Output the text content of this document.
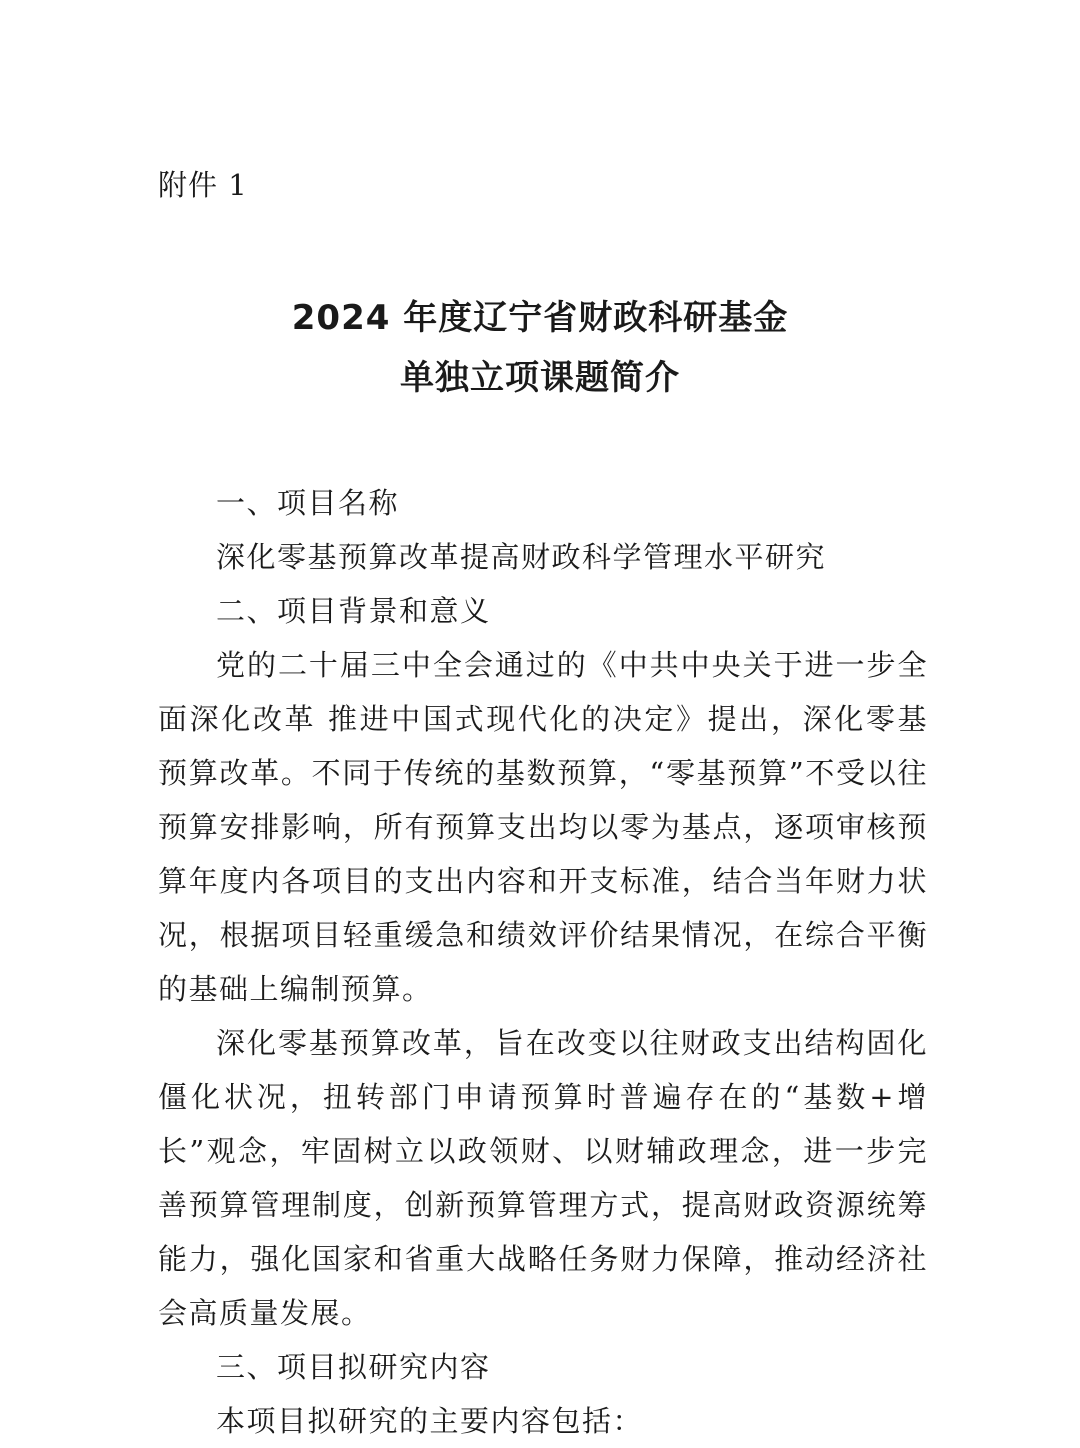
附件 1
2024 年度辽宁省财政科研基金
单独立项课题简介

一、项目名称

深化零基预算改革提高财政科学管理水平研究

二、项目背景和意义

党的二十届三中全会通过的《中共中央关于进一步全面深化改革 推进中国式现代化的决定》提出，深化零基预算改革。不同于传统的基数预算，“零基预算”不受以往预算安排影响，所有预算支出均以零为基点，逐项审核预算年度内各项目的支出内容和开支标准，结合当年财力状况，根据项目轻重缓急和绩效评价结果情况，在综合平衡的基础上编制预算。

深化零基预算改革，旨在改变以往财政支出结构固化僵化状况，扭转部门申请预算时普遍存在的“基数+增长”观念，牢固树立以政领财、以财辅政理念，进一步完善预算管理制度，创新预算管理方式，提高财政资源统筹能力，强化国家和省重大战略任务财力保障，推动经济社会高质量发展。

三、项目拟研究内容

本项目拟研究的主要内容包括：
